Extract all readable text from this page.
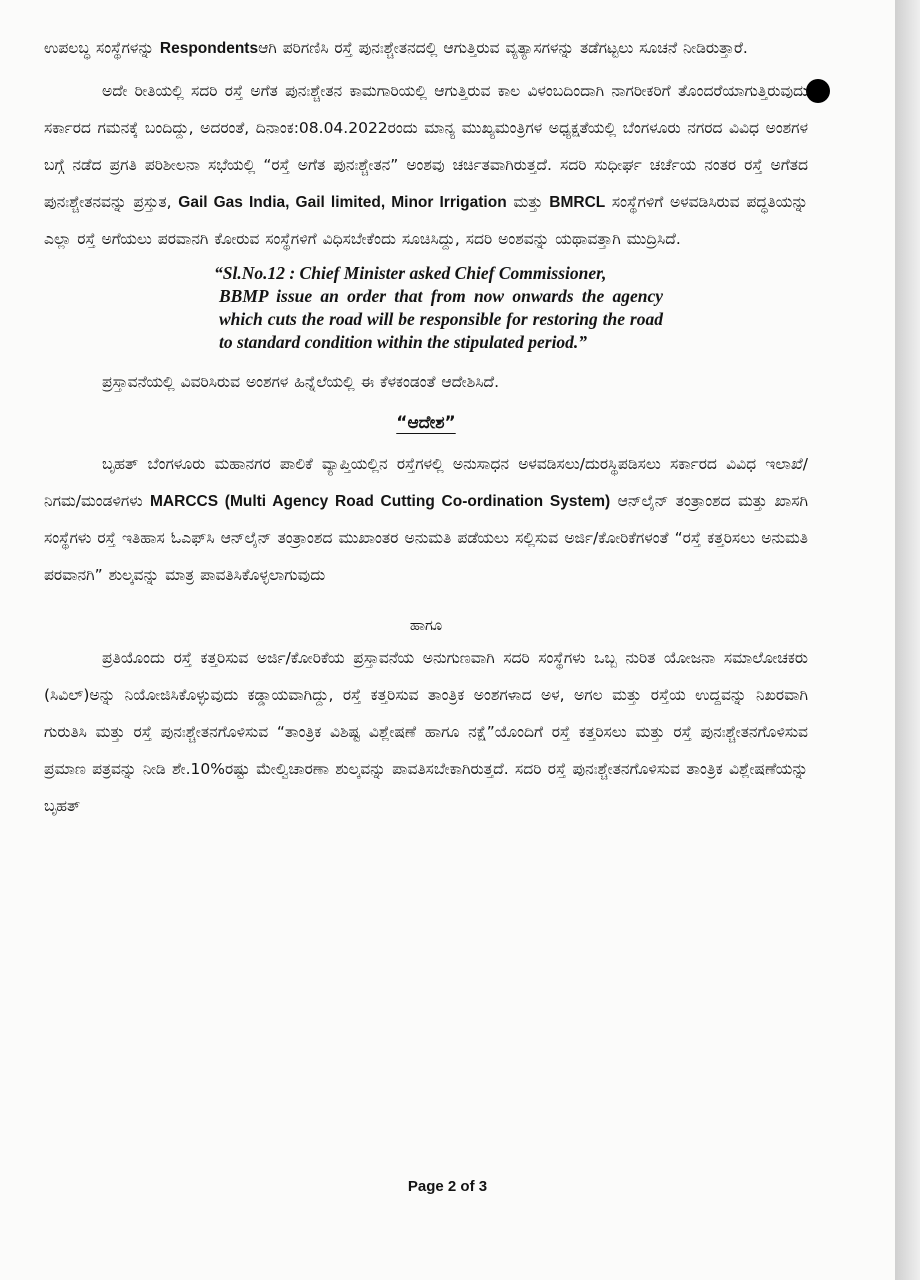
ಉಪಲಬ್ಧ ಸಂಸ್ಥೆಗಳನ್ನು Respondentsಆಗಿ ಪರಿಗಣಿಸಿ ರಸ್ತೆ ಪುನಃಶ್ಚೇತನದಲ್ಲಿ ಆಗುತ್ತಿರುವ ವ್ಯತ್ಯಾಸಗಳನ್ನು ತಡೆಗಟ್ಟಲು ಸೂಚನೆ ನೀಡಿರುತ್ತಾರೆ.

ಅದೇ ರೀತಿಯಲ್ಲಿ ಸದರಿ ರಸ್ತೆ ಅಗೆತ ಪುನಃಶ್ಚೇತನ ಕಾಮಗಾರಿಯಲ್ಲಿ ಆಗುತ್ತಿರುವ ಕಾಲ ವಿಳಂಬದಿಂದಾಗಿ ನಾಗರೀಕರಿಗೆ ತೊಂದರೆಯಾಗುತ್ತಿರುವುದು ಸರ್ಕಾರದ ಗಮನಕ್ಕೆ ಬಂದಿದ್ದು, ಅದರಂತೆ, ದಿನಾಂಕ:08.04.2022ರಂದು ಮಾನ್ಯ ಮುಖ್ಯಮಂತ್ರಿಗಳ ಅಧ್ಯಕ್ಷತೆಯಲ್ಲಿ ಬೆಂಗಳೂರು ನಗರದ ವಿವಿಧ ಅಂಶಗಳ ಬಗ್ಗೆ ನಡೆದ ಪ್ರಗತಿ ಪರಿಶೀಲನಾ ಸಭೆಯಲ್ಲಿ “ರಸ್ತೆ ಅಗೆತ ಪುನಃಶ್ಚೇತನ” ಅಂಶವು ಚರ್ಚಿತವಾಗಿರುತ್ತದೆ. ಸದರಿ ಸುಧೀರ್ಘ ಚರ್ಚೆಯ ನಂತರ ರಸ್ತೆ ಅಗೆತದ ಪುನಃಶ್ಚೇತನವನ್ನು ಪ್ರಸ್ತುತ, Gail Gas India, Gail limited, Minor Irrigation ಮತ್ತು BMRCL ಸಂಸ್ಥೆಗಳಿಗೆ ಅಳವಡಿಸಿರುವ ಪದ್ಧತಿಯನ್ನು ಎಲ್ಲಾ ರಸ್ತೆ ಅಗೆಯಲು ಪರವಾನಗಿ ಕೋರುವ ಸಂಸ್ಥೆಗಳಿಗೆ ವಿಧಿಸಬೇಕೆಂದು ಸೂಚಿಸಿದ್ದು, ಸದರಿ ಅಂಶವನ್ನು ಯಥಾವತ್ತಾಗಿ ಮುದ್ರಿಸಿದೆ.

“Sl.No.12 : Chief Minister asked Chief Commissioner,
BBMP issue an order that from now onwards the agency which cuts the road will be responsible for restoring the road to standard condition within the stipulated period.”

ಪ್ರಸ್ತಾವನೆಯಲ್ಲಿ ವಿವರಿಸಿರುವ ಅಂಶಗಳ ಹಿನ್ನೆಲೆಯಲ್ಲಿ ಈ ಕೆಳಕಂಡಂತೆ ಆದೇಶಿಸಿದೆ.

“ಆದೇಶ”

ಬೃಹತ್ ಬೆಂಗಳೂರು ಮಹಾನಗರ ಪಾಲಿಕೆ ವ್ಯಾಪ್ತಿಯಲ್ಲಿನ ರಸ್ತೆಗಳಲ್ಲಿ ಅನುಸಾಧನ ಅಳವಡಿಸಲು/ದುರಸ್ಥಿಪಡಿಸಲು ಸರ್ಕಾರದ ವಿವಿಧ ಇಲಾಖೆ/ನಿಗಮ/ಮಂಡಳಿಗಳು MARCCS (Multi Agency Road Cutting Co-ordination System) ಆನ್‌ಲೈನ್ ತಂತ್ರಾಂಶದ ಮತ್ತು ಖಾಸಗಿ ಸಂಸ್ಥೆಗಳು ರಸ್ತೆ ಇತಿಹಾಸ ಓಎಫ್‌ಸಿ ಆನ್‌ಲೈನ್ ತಂತ್ರಾಂಶದ ಮುಖಾಂತರ ಅನುಮತಿ ಪಡೆಯಲು ಸಲ್ಲಿಸುವ ಅರ್ಜಿ/ಕೋರಿಕೆಗಳಂತೆ “ರಸ್ತೆ ಕತ್ತರಿಸಲು ಅನುಮತಿ ಪರವಾನಗಿ” ಶುಲ್ಕವನ್ನು ಮಾತ್ರ ಪಾವತಿಸಿಕೊಳ್ಳಲಾಗುವುದು

ಹಾಗೂ

ಪ್ರತಿಯೊಂದು ರಸ್ತೆ ಕತ್ತರಿಸುವ ಅರ್ಜಿ/ಕೋರಿಕೆಯ ಪ್ರಸ್ತಾವನೆಯ ಅನುಗುಣವಾಗಿ ಸದರಿ ಸಂಸ್ಥೆಗಳು ಒಬ್ಬ ನುರಿತ ಯೋಜನಾ ಸಮಾಲೋಚಕರು (ಸಿವಿಲ್)ಅನ್ನು ನಿಯೋಜಿಸಿಕೊಳ್ಳುವುದು ಕಡ್ಡಾಯವಾಗಿದ್ದು, ರಸ್ತೆ ಕತ್ತರಿಸುವ ತಾಂತ್ರಿಕ ಅಂಶಗಳಾದ ಅಳ, ಅಗಲ ಮತ್ತು ರಸ್ತೆಯ ಉದ್ದವನ್ನು ನಿಖರವಾಗಿ ಗುರುತಿಸಿ ಮತ್ತು ರಸ್ತೆ ಪುನಃಶ್ಚೇತನಗೊಳಿಸುವ “ತಾಂತ್ರಿಕ ವಿಶಿಷ್ಟ ವಿಶ್ಲೇಷಣೆ ಹಾಗೂ ನಕ್ಷೆ”ಯೊಂದಿಗೆ ರಸ್ತೆ ಕತ್ತರಿಸಲು ಮತ್ತು ರಸ್ತೆ ಪುನಃಶ್ಚೇತನಗೊಳಿಸುವ ಪ್ರಮಾಣ ಪತ್ರವನ್ನು ನೀಡಿ ಶೇ.10%ರಷ್ಟು ಮೇಲ್ವಿಚಾರಣಾ ಶುಲ್ಕವನ್ನು ಪಾವತಿಸಬೇಕಾಗಿರುತ್ತದೆ. ಸದರಿ ರಸ್ತೆ ಪುನಃಶ್ಚೇತನಗೊಳಿಸುವ ತಾಂತ್ರಿಕ ವಿಶ್ಲೇಷಣೆಯನ್ನು ಬೃಹತ್

Page 2 of 3
